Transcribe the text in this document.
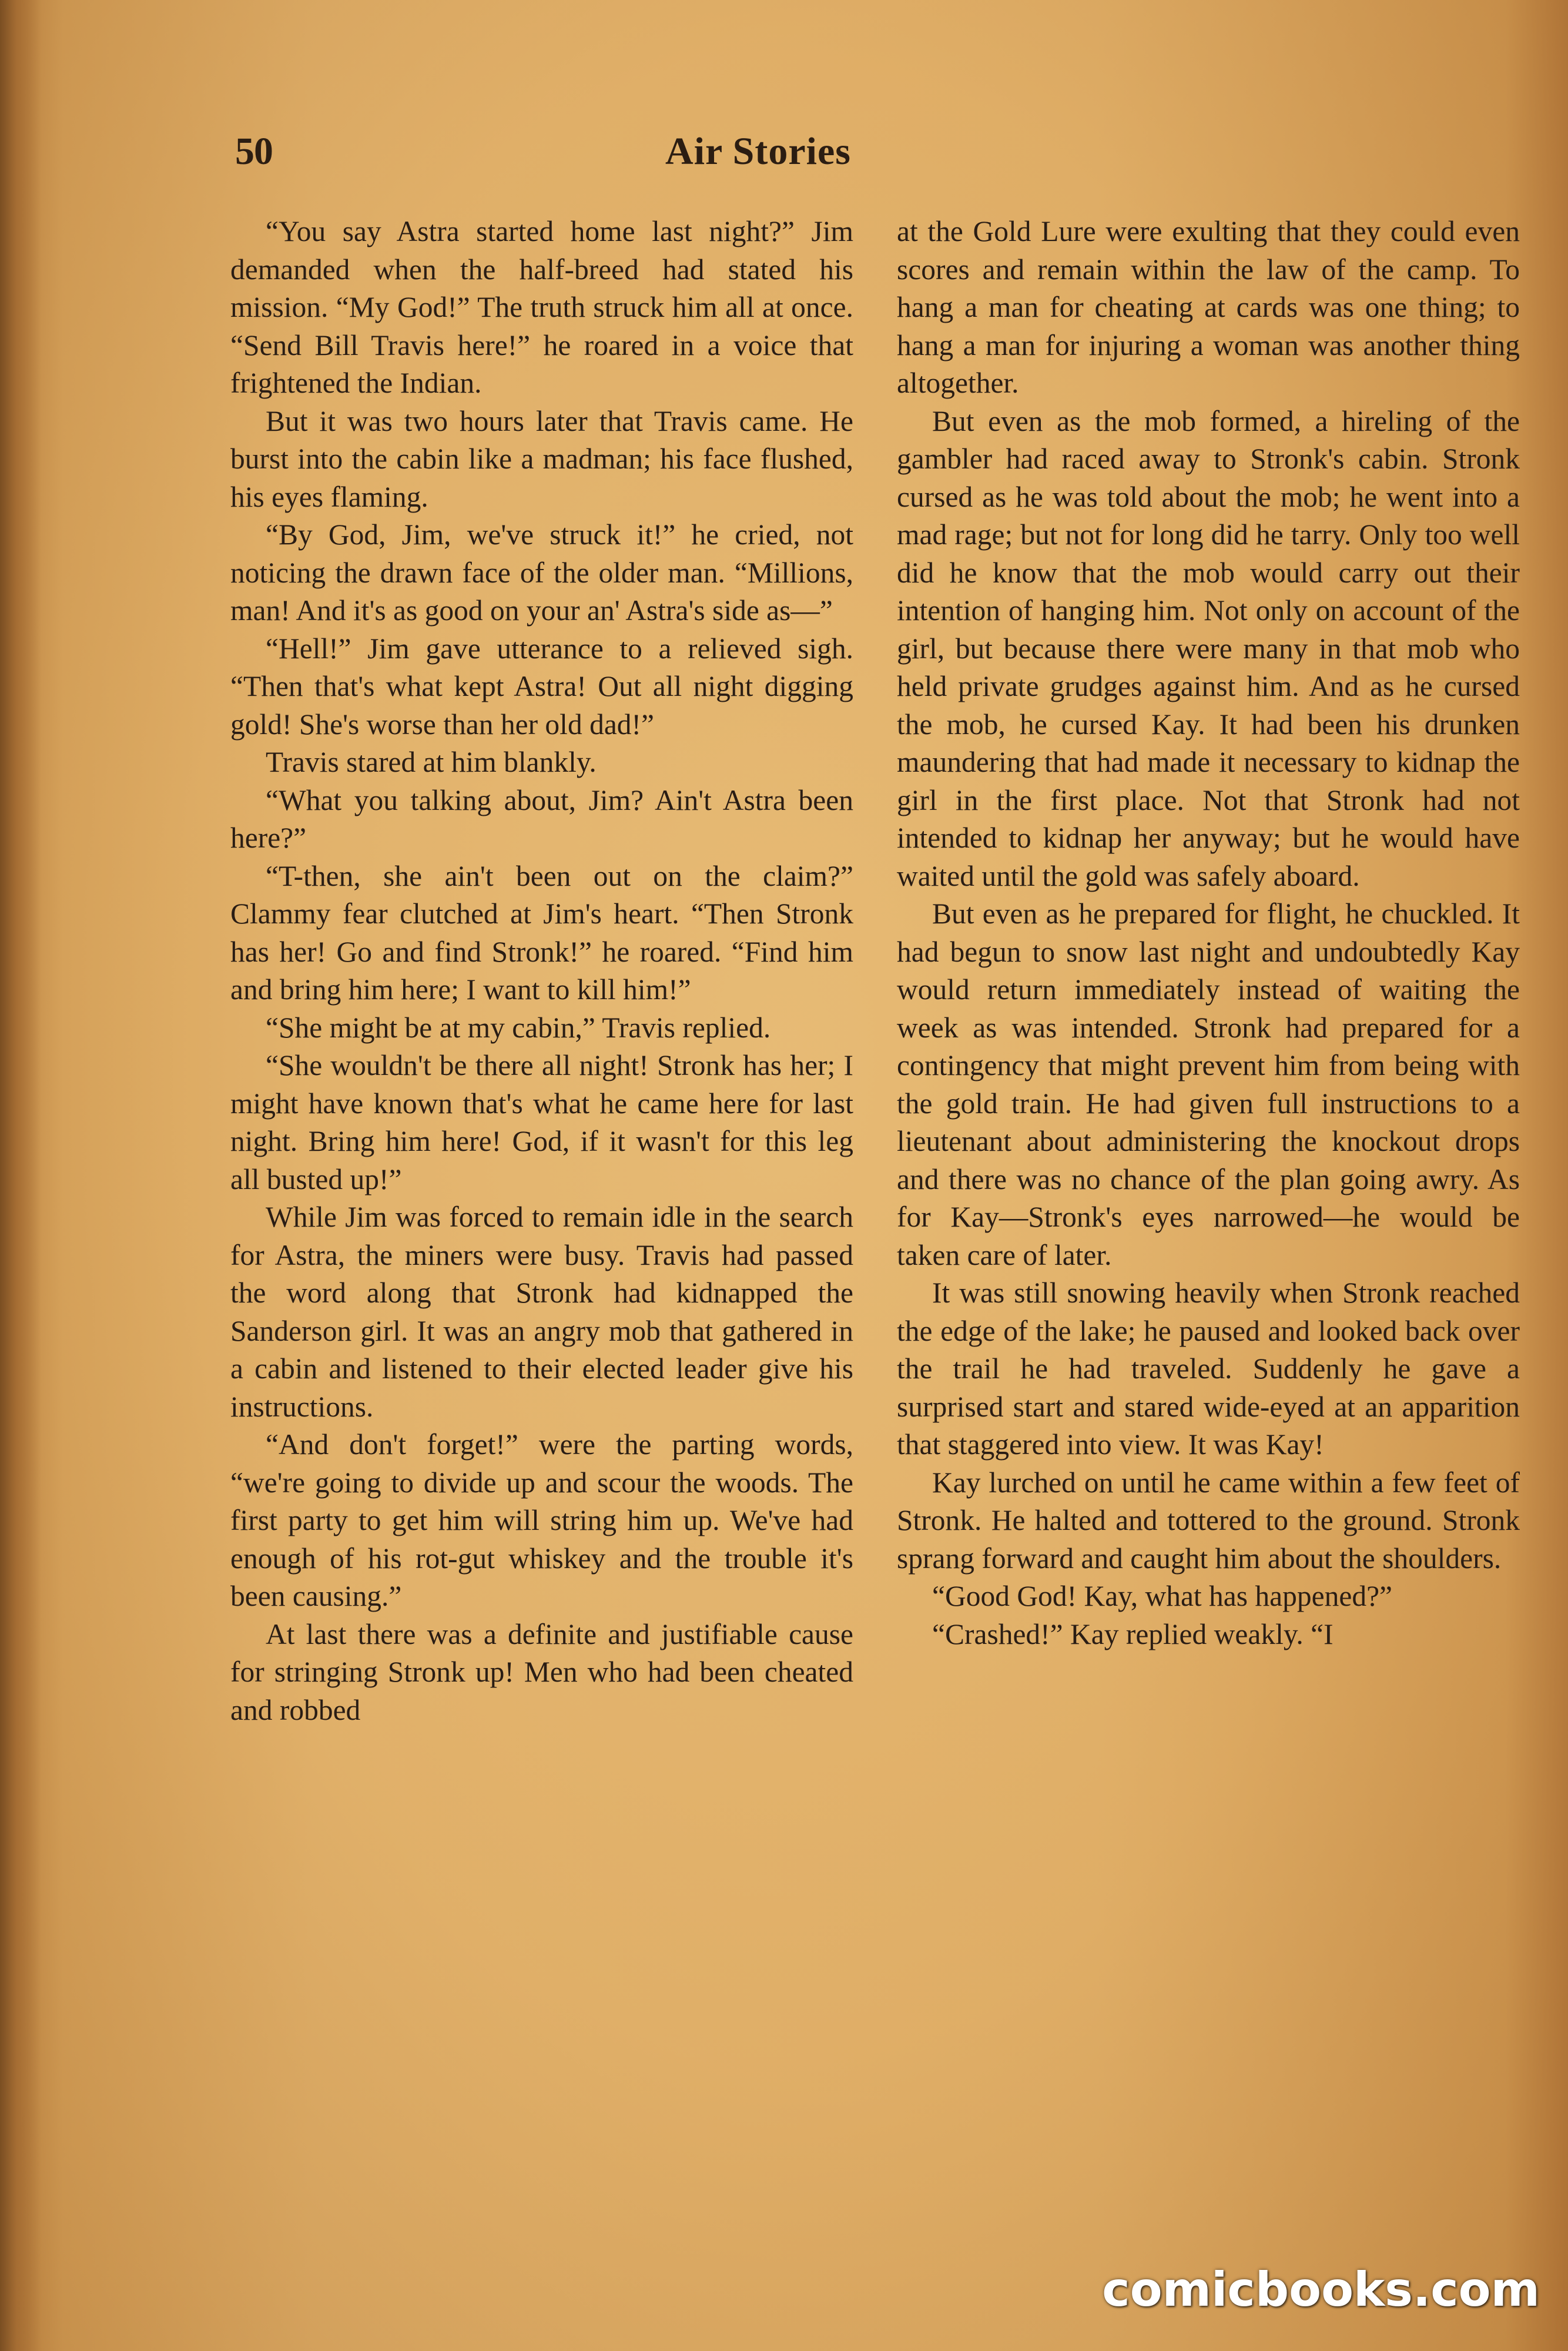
50	Air Stories

“You say Astra started home last night?” Jim demanded when the half-breed had stated his mission. “My God!” The truth struck him all at once. “Send Bill Travis here!” he roared in a voice that frightened the Indian.

But it was two hours later that Travis came. He burst into the cabin like a madman; his face flushed, his eyes flaming.

“By God, Jim, we've struck it!” he cried, not noticing the drawn face of the older man. “Millions, man! And it's as good on your an' Astra's side as—”

“Hell!” Jim gave utterance to a relieved sigh. “Then that's what kept Astra! Out all night digging gold! She's worse than her old dad!”

Travis stared at him blankly.

“What you talking about, Jim? Ain't Astra been here?”

“T-then, she ain't been out on the claim?” Clammy fear clutched at Jim's heart. “Then Stronk has her! Go and find Stronk!” he roared. “Find him and bring him here; I want to kill him!”

“She might be at my cabin,” Travis replied.

“She wouldn't be there all night! Stronk has her; I might have known that's what he came here for last night. Bring him here! God, if it wasn't for this leg all busted up!”

While Jim was forced to remain idle in the search for Astra, the miners were busy. Travis had passed the word along that Stronk had kidnapped the Sanderson girl. It was an angry mob that gathered in a cabin and listened to their elected leader give his instructions.

“And don't forget!” were the parting words, “we're going to divide up and scour the woods. The first party to get him will string him up. We've had enough of his rot-gut whiskey and the trouble it's been causing.”

At last there was a definite and justifiable cause for stringing Stronk up! Men who had been cheated and robbed

at the Gold Lure were exulting that they could even scores and remain within the law of the camp. To hang a man for cheating at cards was one thing; to hang a man for injuring a woman was another thing altogether.

But even as the mob formed, a hireling of the gambler had raced away to Stronk's cabin. Stronk cursed as he was told about the mob; he went into a mad rage; but not for long did he tarry. Only too well did he know that the mob would carry out their intention of hanging him. Not only on account of the girl, but because there were many in that mob who held private grudges against him. And as he cursed the mob, he cursed Kay. It had been his drunken maundering that had made it necessary to kidnap the girl in the first place. Not that Stronk had not intended to kidnap her anyway; but he would have waited until the gold was safely aboard.

But even as he prepared for flight, he chuckled. It had begun to snow last night and undoubtedly Kay would return immediately instead of waiting the week as was intended. Stronk had prepared for a contingency that might prevent him from being with the gold train. He had given full instructions to a lieutenant about administering the knockout drops and there was no chance of the plan going awry. As for Kay—Stronk's eyes narrowed—he would be taken care of later.

It was still snowing heavily when Stronk reached the edge of the lake; he paused and looked back over the trail he had traveled. Suddenly he gave a surprised start and stared wide-eyed at an apparition that staggered into view. It was Kay!

Kay lurched on until he came within a few feet of Stronk. He halted and tottered to the ground. Stronk sprang forward and caught him about the shoulders.

“Good God! Kay, what has happened?”

“Crashed!” Kay replied weakly. “I

comicbooks.com
